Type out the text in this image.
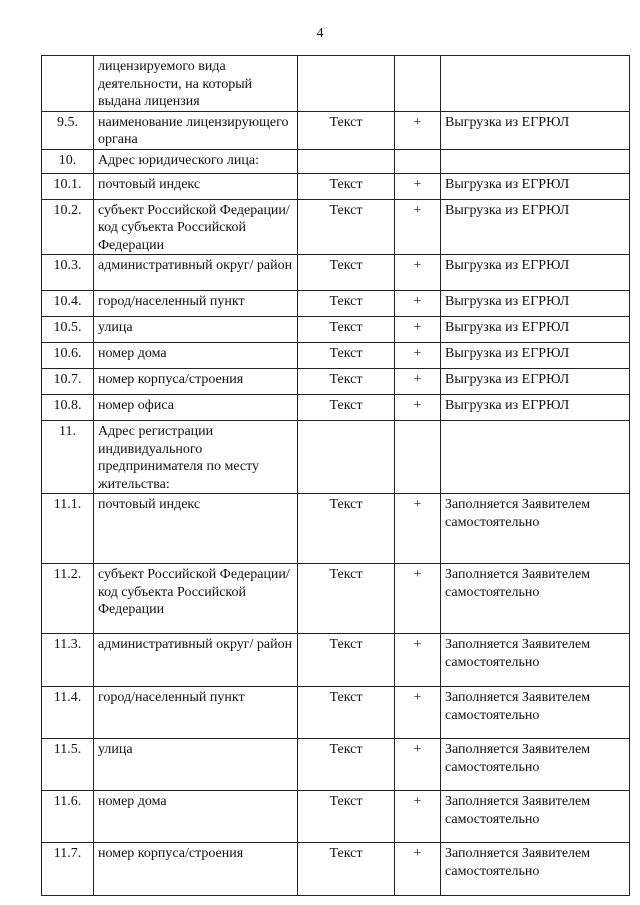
4
	лицензируемого вида деятельности, на который выдана лицензия			
9.5.	наименование лицензирующего органа	Текст	+	Выгрузка из ЕГРЮЛ
10.	Адрес юридического лица:			
10.1.	почтовый индекс	Текст	+	Выгрузка из ЕГРЮЛ
10.2.	субъект Российской Федерации/код субъекта Российской Федерации	Текст	+	Выгрузка из ЕГРЮЛ
10.3.	административный округ/ район	Текст	+	Выгрузка из ЕГРЮЛ
10.4.	город/населенный пункт	Текст	+	Выгрузка из ЕГРЮЛ
10.5.	улица	Текст	+	Выгрузка из ЕГРЮЛ
10.6.	номер дома	Текст	+	Выгрузка из ЕГРЮЛ
10.7.	номер корпуса/строения	Текст	+	Выгрузка из ЕГРЮЛ
10.8.	номер офиса	Текст	+	Выгрузка из ЕГРЮЛ
11.	Адрес регистрации индивидуального предпринимателя по месту жительства:			
11.1.	почтовый индекс	Текст	+	Заполняется Заявителем самостоятельно
11.2.	субъект Российской Федерации/код субъекта Российской Федерации	Текст	+	Заполняется Заявителем самостоятельно
11.3.	административный округ/ район	Текст	+	Заполняется Заявителем самостоятельно
11.4.	город/населенный пункт	Текст	+	Заполняется Заявителем самостоятельно
11.5.	улица	Текст	+	Заполняется Заявителем самостоятельно
11.6.	номер дома	Текст	+	Заполняется Заявителем самостоятельно
11.7.	номер корпуса/строения	Текст	+	Заполняется Заявителем самостоятельно
